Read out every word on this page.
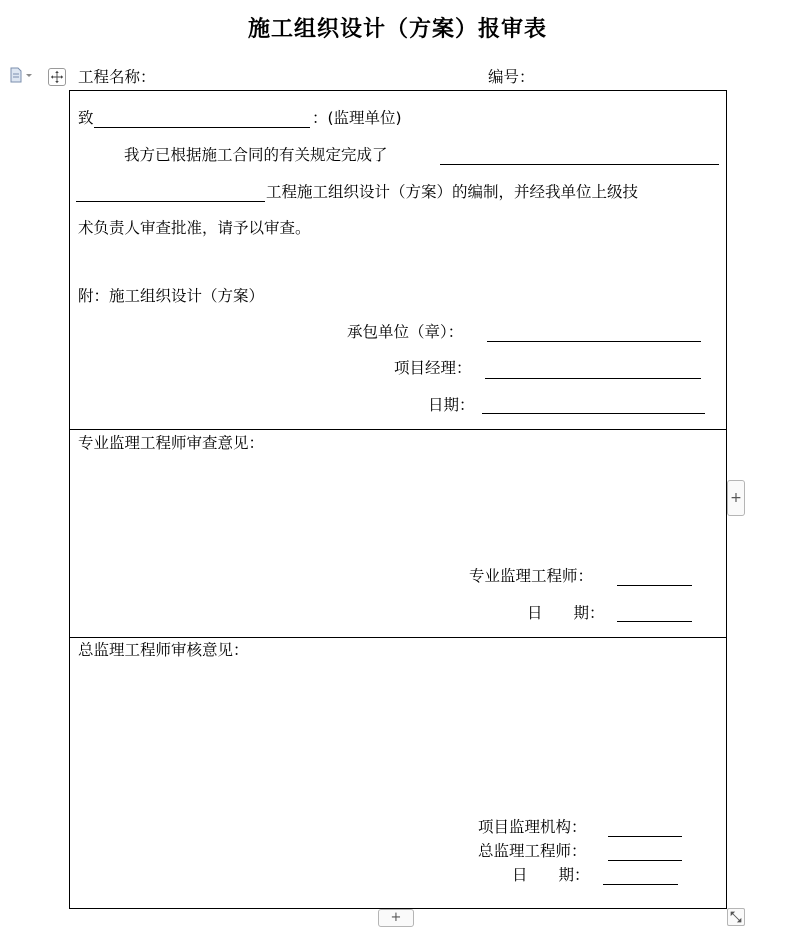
施工组织设计（方案）报审表
工程名称：	编号：
致	：(监理单位)
我方已根据施工合同的有关规定完成了
工程施工组织设计（方案）的编制，并经我单位上级技
术负责人审查批准，请予以审查。
附：施工组织设计（方案）
承包单位（章）：
项目经理：
日期：
专业监理工程师审查意见：
专业监理工程师：
日　　期：
总监理工程师审核意见：
项目监理机构：
总监理工程师：
日　　期：
+
+
